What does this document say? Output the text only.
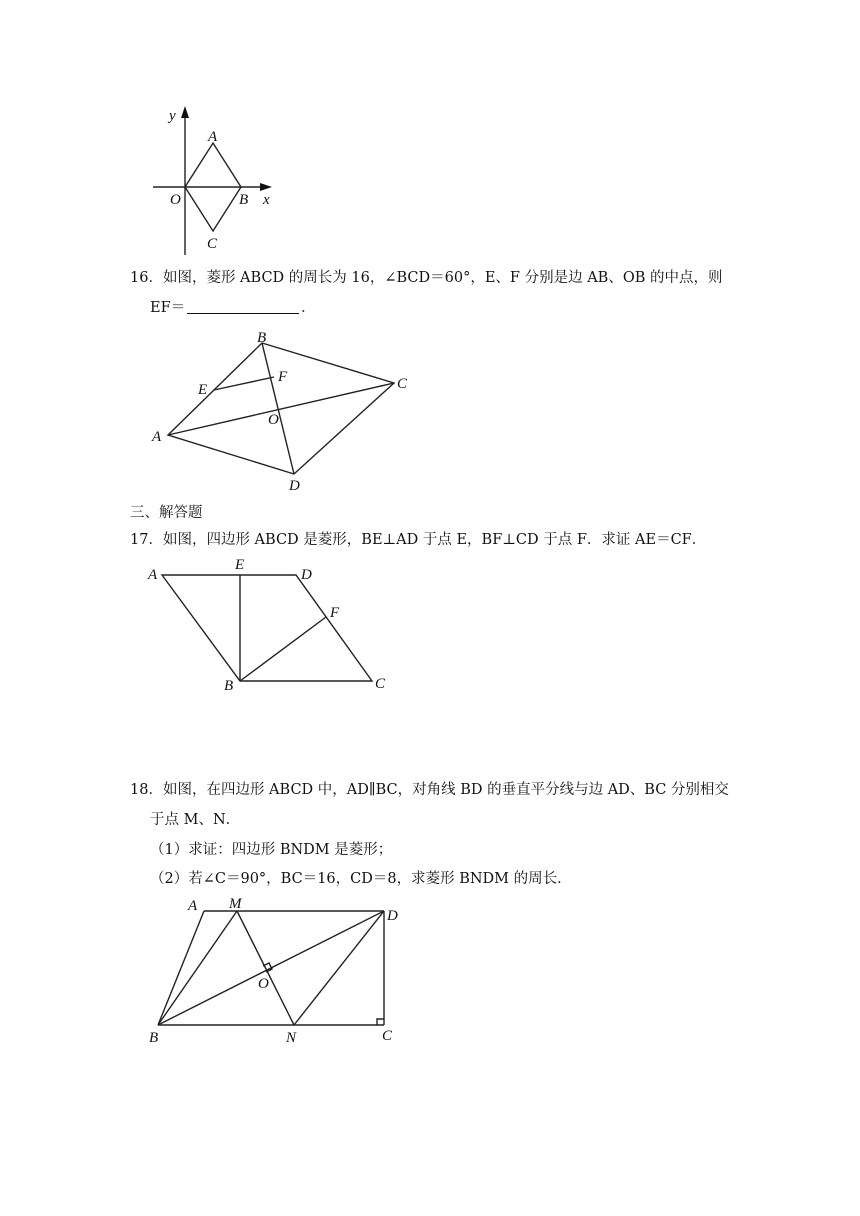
y
A
O	B x
C
16．如图，菱形 ABCD 的周长为 16，∠BCD＝60°，E、F 分别是边 AB、OB 的中点，则
EF＝	．
B
F
E	C
O
A
D
三、解答题
17．如图，四边形 ABCD 是菱形，BE⊥AD 于点 E，BF⊥CD 于点 F．求证 AE＝CF．
A
E
D
F
B	C
18．如图，在四边形 ABCD 中，AD∥BC，对角线 BD 的垂直平分线与边 AD、BC 分别相交
于点 M、N．
（1）求证：四边形 BNDM 是菱形；
（2）若∠C＝90°，BC＝16，CD＝8，求菱形 BNDM 的周长．
A M
D
O
B	N	C
